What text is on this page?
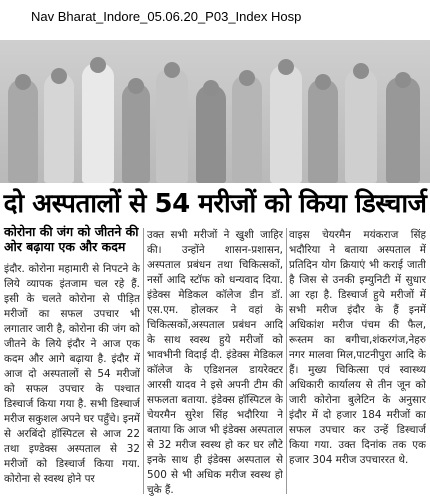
Nav Bharat_Indore_05.06.20_P03_Index Hosp
दो अस्पतालों से 54 मरीजों को किया डिस्चार्ज
कोरोना की जंग को जीतने की ओर बढ़ाया एक और कदम

इंदौर. कोरोना महामारी से निपटने के लिये व्यापक इंतजाम चल रहे हैं. इसी के चलते कोरोना से पीड़ित मरीजों का सफल उपचार भी लगातार जारी है, कोरोना की जंग को जीतने के लिये इंदौर ने आज एक कदम और आगे बढ़ाया है. इंदौर में आज दो अस्पतालों से 54 मरीजों को सफल उपचार के पश्चात डिस्चार्ज किया गया है. सभी डिस्चार्ज मरीज सकुशल अपने घर पहुँचे। इनमें से अरबिंदो हॉस्पिटल से आज 22 तथा इण्डेक्स अस्पताल से 32 मरीजों को डिस्चार्ज किया गया. कोरोना से स्वस्थ होने पर

उक्त सभी मरीजों ने खुशी जाहिर की। उन्होंने शासन-प्रशासन, अस्पताल प्रबंधन तथा चिकित्सकों, नर्सो आदि स्टॉफ को धन्यवाद दिया. इंडेक्स मेडिकल कॉलेज डीन डॉ. एस.एम. होलकर ने वहां के चिकित्सकों,अस्पताल प्रबंधन आदि के साथ स्वस्थ हुये मरीजों को भावभीनी विदाई दी. इंडेक्स मेडिकल कॉलेज के एडिशनल डायरेक्टर आरसी यादव ने इसे अपनी टीम की सफलता बताया. इंडेक्स हॉस्पिटल के चेयरमैन सुरेश सिंह भदौरिया ने बताया कि आज भी इंडेक्स अस्पताल से 32 मरीज स्वस्थ हो कर घर लौटे इनके साथ ही इंडेक्स अस्पताल से 500 से भी अधिक मरीज स्वस्थ हो चुके हैं.

वाइस चेयरमैन मयंकराज सिंह भदौरिया ने बताया अस्पताल में प्रतिदिन योग क्रियाएं भी कराई जाती है जिस से उनकी इम्युनिटी में सुधार आ रहा है. डिस्चार्ज हुये मरीजों में सभी मरीज इंदौर के हैं इनमें अधिकांश मरीज पंचम की फैल, रूस्तम का बगीचा,शंकरगंज,नेहरु नगर मालवा मिल,पाटनीपुरा आदि के हैं। मुख्य चिकित्सा एवं स्वास्थ्य अधिकारी कार्यालय से तीन जून को जारी कोरोना बुलेटिन के अनुसार इंदौर में दो हजार 184 मरीजों का सफल उपचार कर उन्हें डिस्चार्ज किया गया. उक्त दिनांक तक एक हजार 304 मरीज उपचाररत थे.
